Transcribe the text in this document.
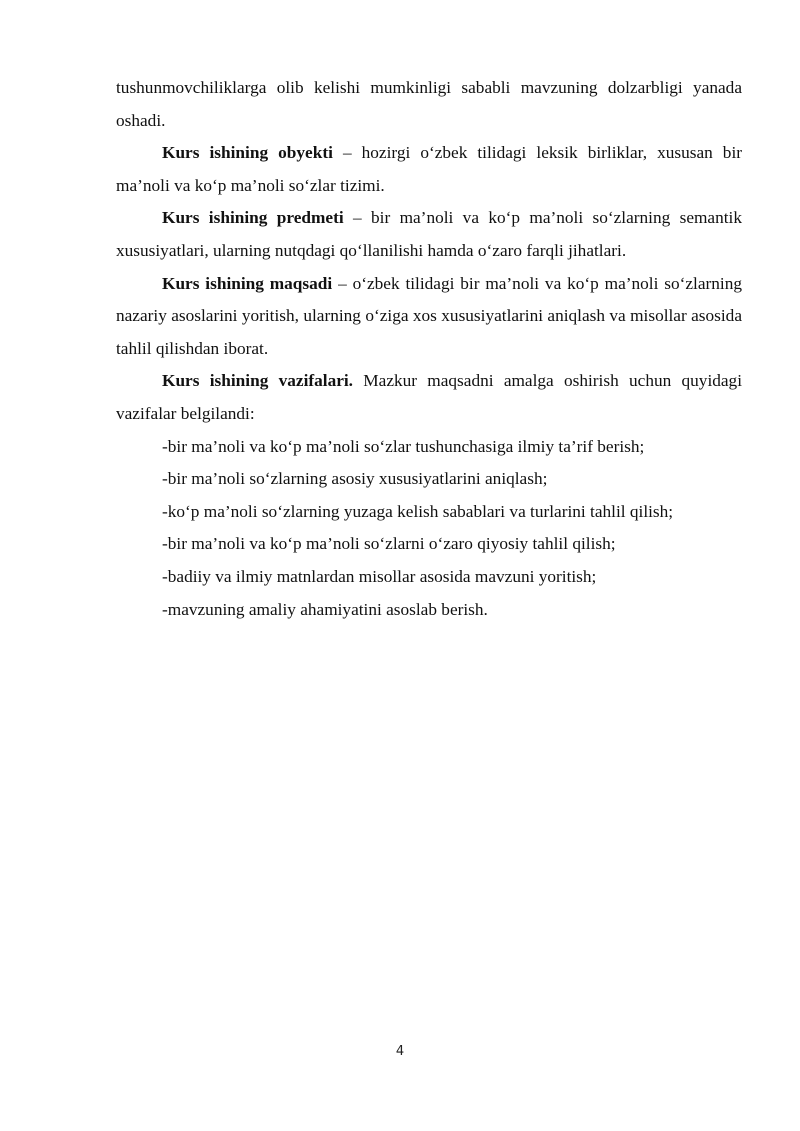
tushunmovchiliklarga olib kelishi mumkinligi sababli mavzuning dolzarbligi yanada oshadi.

Kurs ishining obyekti – hozirgi o‘zbek tilidagi leksik birliklar, xususan bir ma’noli va ko‘p ma’noli so‘zlar tizimi.

Kurs ishining predmeti – bir ma’noli va ko‘p ma’noli so‘zlarning semantik xususiyatlari, ularning nutqdagi qo‘llanilishi hamda o‘zaro farqli jihatlari.

Kurs ishining maqsadi – o‘zbek tilidagi bir ma’noli va ko‘p ma’noli so‘zlarning nazariy asoslarini yoritish, ularning o‘ziga xos xususiyatlarini aniqlash va misollar asosida tahlil qilishdan iborat.

Kurs ishining vazifalari. Mazkur maqsadni amalga oshirish uchun quyidagi vazifalar belgilandi:

-bir ma’noli va ko‘p ma’noli so‘zlar tushunchasiga ilmiy ta’rif berish;

-bir ma’noli so‘zlarning asosiy xususiyatlarini aniqlash;

-ko‘p ma’noli so‘zlarning yuzaga kelish sabablari va turlarini tahlil qilish;

-bir ma’noli va ko‘p ma’noli so‘zlarni o‘zaro qiyosiy tahlil qilish;

-badiiy va ilmiy matnlardan misollar asosida mavzuni yoritish;

-mavzuning amaliy ahamiyatini asoslab berish.

4
